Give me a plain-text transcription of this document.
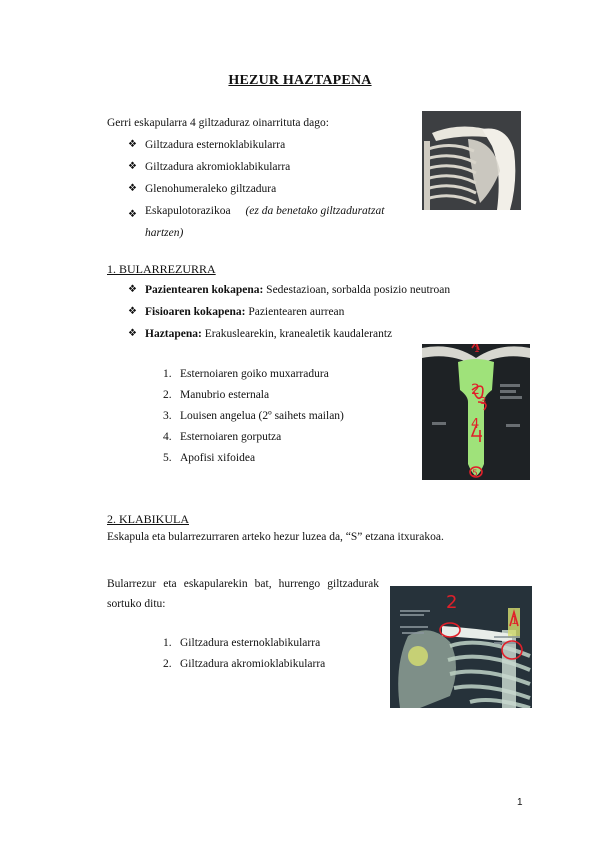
HEZUR HAZTAPENA
Gerri eskapularra 4 giltzaduraz oinarrituta dago:
❖ Giltzadura esternoklabikularra
❖ Giltzadura akromioklabikularra
❖ Glenohumeraleko giltzadura
❖ Eskapulotorazikoa (ez da benetako giltzaduratzat
hartzen)
1. BULARREZURRA
❖ Pazientearen kokapena: Sedestazioan, sorbalda posizio neutroan
❖ Fisioaren kokapena: Pazientearen aurrean
❖ Haztapena: Erakuslearekin, kranealetik kaudalerantz
1. Esternoiaren goiko muxarradura
2. Manubrio esternala
3. Louisen angelua (2º saihets mailan)
4. Esternoiaren gorputza
5. Apofisi xifoidea
1
2
3
4
5
2. KLABIKULA
Eskapula eta bularrezurraren arteko hezur luzea da, “S” etzana itxurakoa.
Bularrezur eta eskapularekin bat, hurrengo giltzadurak
sortuko ditu:
1. Giltzadura esternoklabikularra
2. Giltzadura akromioklabikularra
2
1
1
